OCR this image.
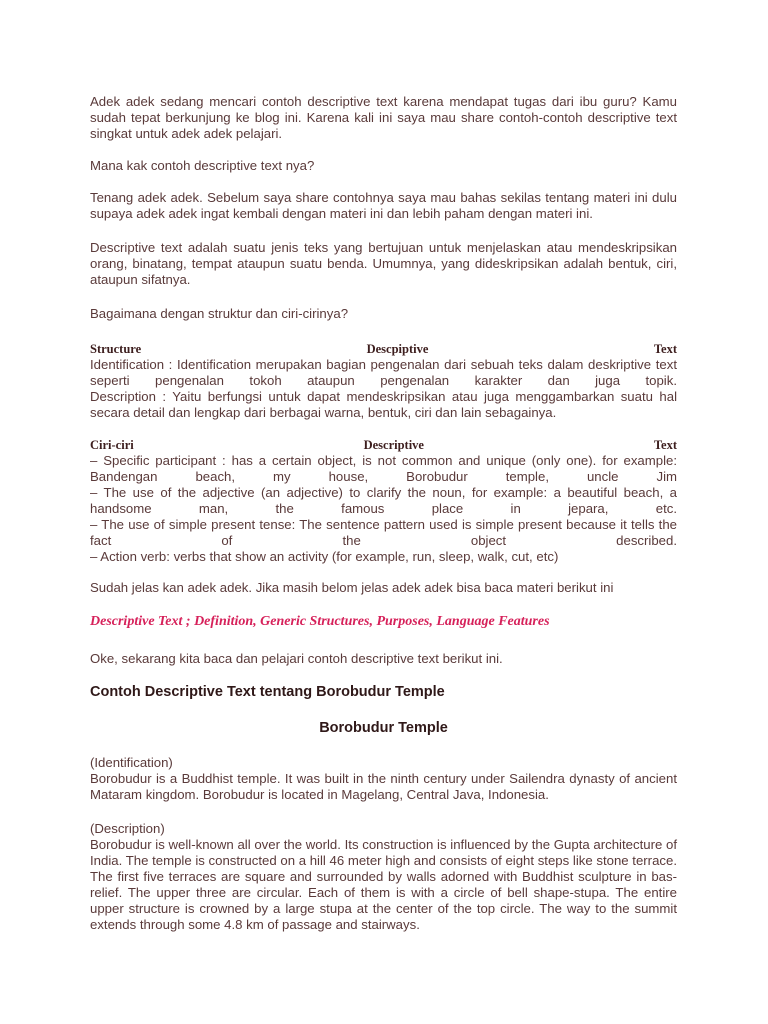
Adek adek sedang mencari contoh descriptive text karena mendapat tugas dari ibu guru? Kamu sudah tepat berkunjung ke blog ini. Karena kali ini saya mau share contoh-contoh descriptive text singkat untuk adek adek pelajari.

Mana kak contoh descriptive text nya?

Tenang adek adek. Sebelum saya share contohnya saya mau bahas sekilas tentang materi ini dulu supaya adek adek ingat kembali dengan materi ini dan lebih paham dengan materi ini.

Descriptive text adalah suatu jenis teks yang bertujuan untuk menjelaskan atau mendeskripsikan orang, binatang, tempat ataupun suatu benda. Umumnya, yang dideskripsikan adalah bentuk, ciri, ataupun sifatnya.

Bagaimana dengan struktur dan ciri-cirinya?

Structure	Descpiptive	Text

Identification : Identification merupakan bagian pengenalan dari sebuah teks dalam deskriptive text seperti pengenalan tokoh ataupun pengenalan karakter dan juga topik.

Description : Yaitu berfungsi untuk dapat mendeskripsikan atau juga menggambarkan suatu hal secara detail dan lengkap dari berbagai warna, bentuk, ciri dan lain sebagainya.

Ciri-ciri	Descriptive	Text

– Specific participant : has a certain object, is not common and unique (only one). for example: Bandengan beach, my house, Borobudur temple, uncle Jim
– The use of the adjective (an adjective) to clarify the noun, for example: a beautiful beach, a handsome man, the famous place in jepara, etc.
– The use of simple present tense: The sentence pattern used is simple present because it tells the fact of the object described.
– Action verb: verbs that show an activity (for example, run, sleep, walk, cut, etc)

Sudah jelas kan adek adek. Jika masih belom jelas adek adek bisa baca materi berikut ini

Descriptive Text ; Definition, Generic Structures, Purposes, Language Features

Oke, sekarang kita baca dan pelajari contoh descriptive text berikut ini.

Contoh Descriptive Text tentang Borobudur Temple
Borobudur Temple

(Identification)
Borobudur is a Buddhist temple. It was built in the ninth century under Sailendra dynasty of ancient Mataram kingdom. Borobudur is located in Magelang, Central Java, Indonesia.

(Description)
Borobudur is well-known all over the world. Its construction is influenced by the Gupta architecture of India. The temple is constructed on a hill 46 meter high and consists of eight steps like stone terrace. The first five terraces are square and surrounded by walls adorned with Buddhist sculpture in bas-relief. The upper three are circular. Each of them is with a circle of bell shape-stupa. The entire upper structure is crowned by a large stupa at the center of the top circle. The way to the summit extends through some 4.8 km of passage and stairways.
